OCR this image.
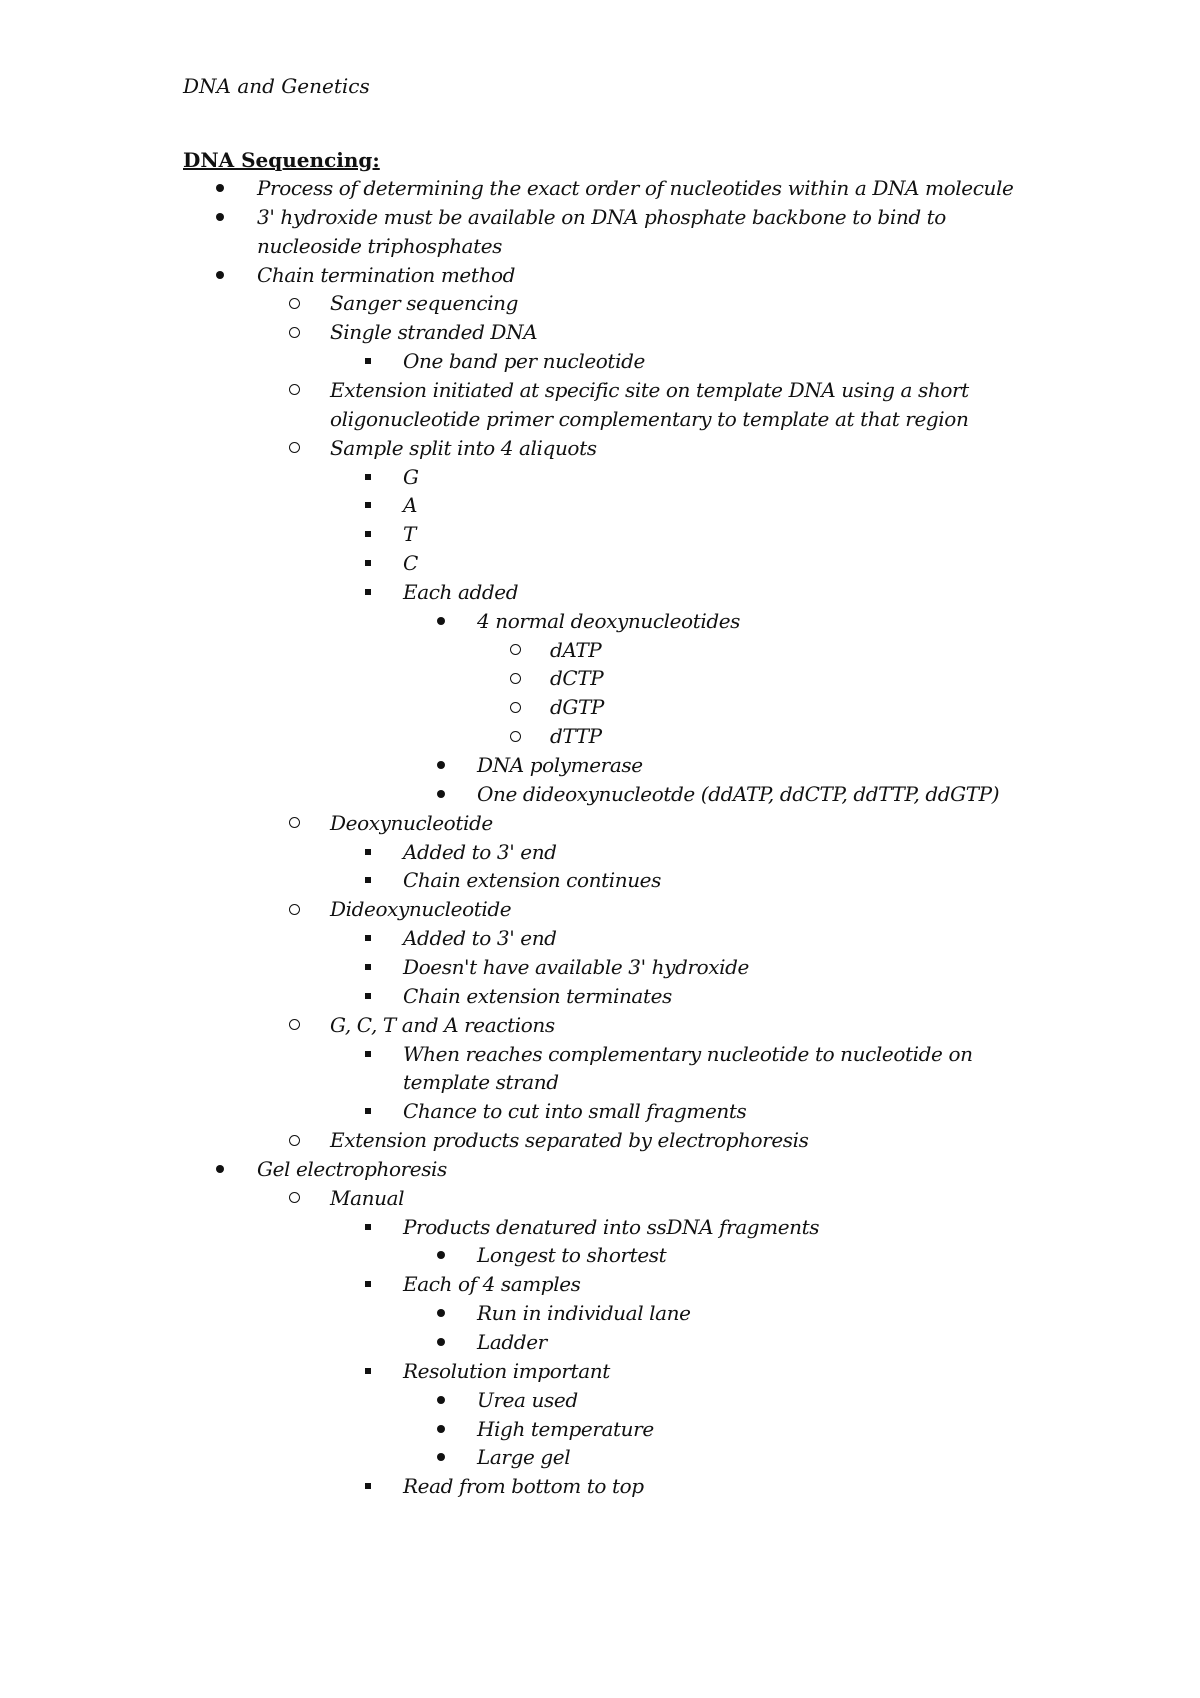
DNA and Genetics
DNA Sequencing:
Process of determining the exact order of nucleotides within a DNA molecule
3' hydroxide must be available on DNA phosphate backbone to bind to
nucleoside triphosphates
Chain termination method
Sanger sequencing
Single stranded DNA
One band per nucleotide
Extension initiated at specific site on template DNA using a short
oligonucleotide primer complementary to template at that region
Sample split into 4 aliquots
G
A
T
C
Each added
4 normal deoxynucleotides
dATP
dCTP
dGTP
dTTP
DNA polymerase
One dideoxynucleotde (ddATP, ddCTP, ddTTP, ddGTP)
Deoxynucleotide
Added to 3' end
Chain extension continues
Dideoxynucleotide
Added to 3' end
Doesn't have available 3' hydroxide
Chain extension terminates
G, C, T and A reactions
When reaches complementary nucleotide to nucleotide on
template strand
Chance to cut into small fragments
Extension products separated by electrophoresis
Gel electrophoresis
Manual
Products denatured into ssDNA fragments
Longest to shortest
Each of 4 samples
Run in individual lane
Ladder
Resolution important
Urea used
High temperature
Large gel
Read from bottom to top
